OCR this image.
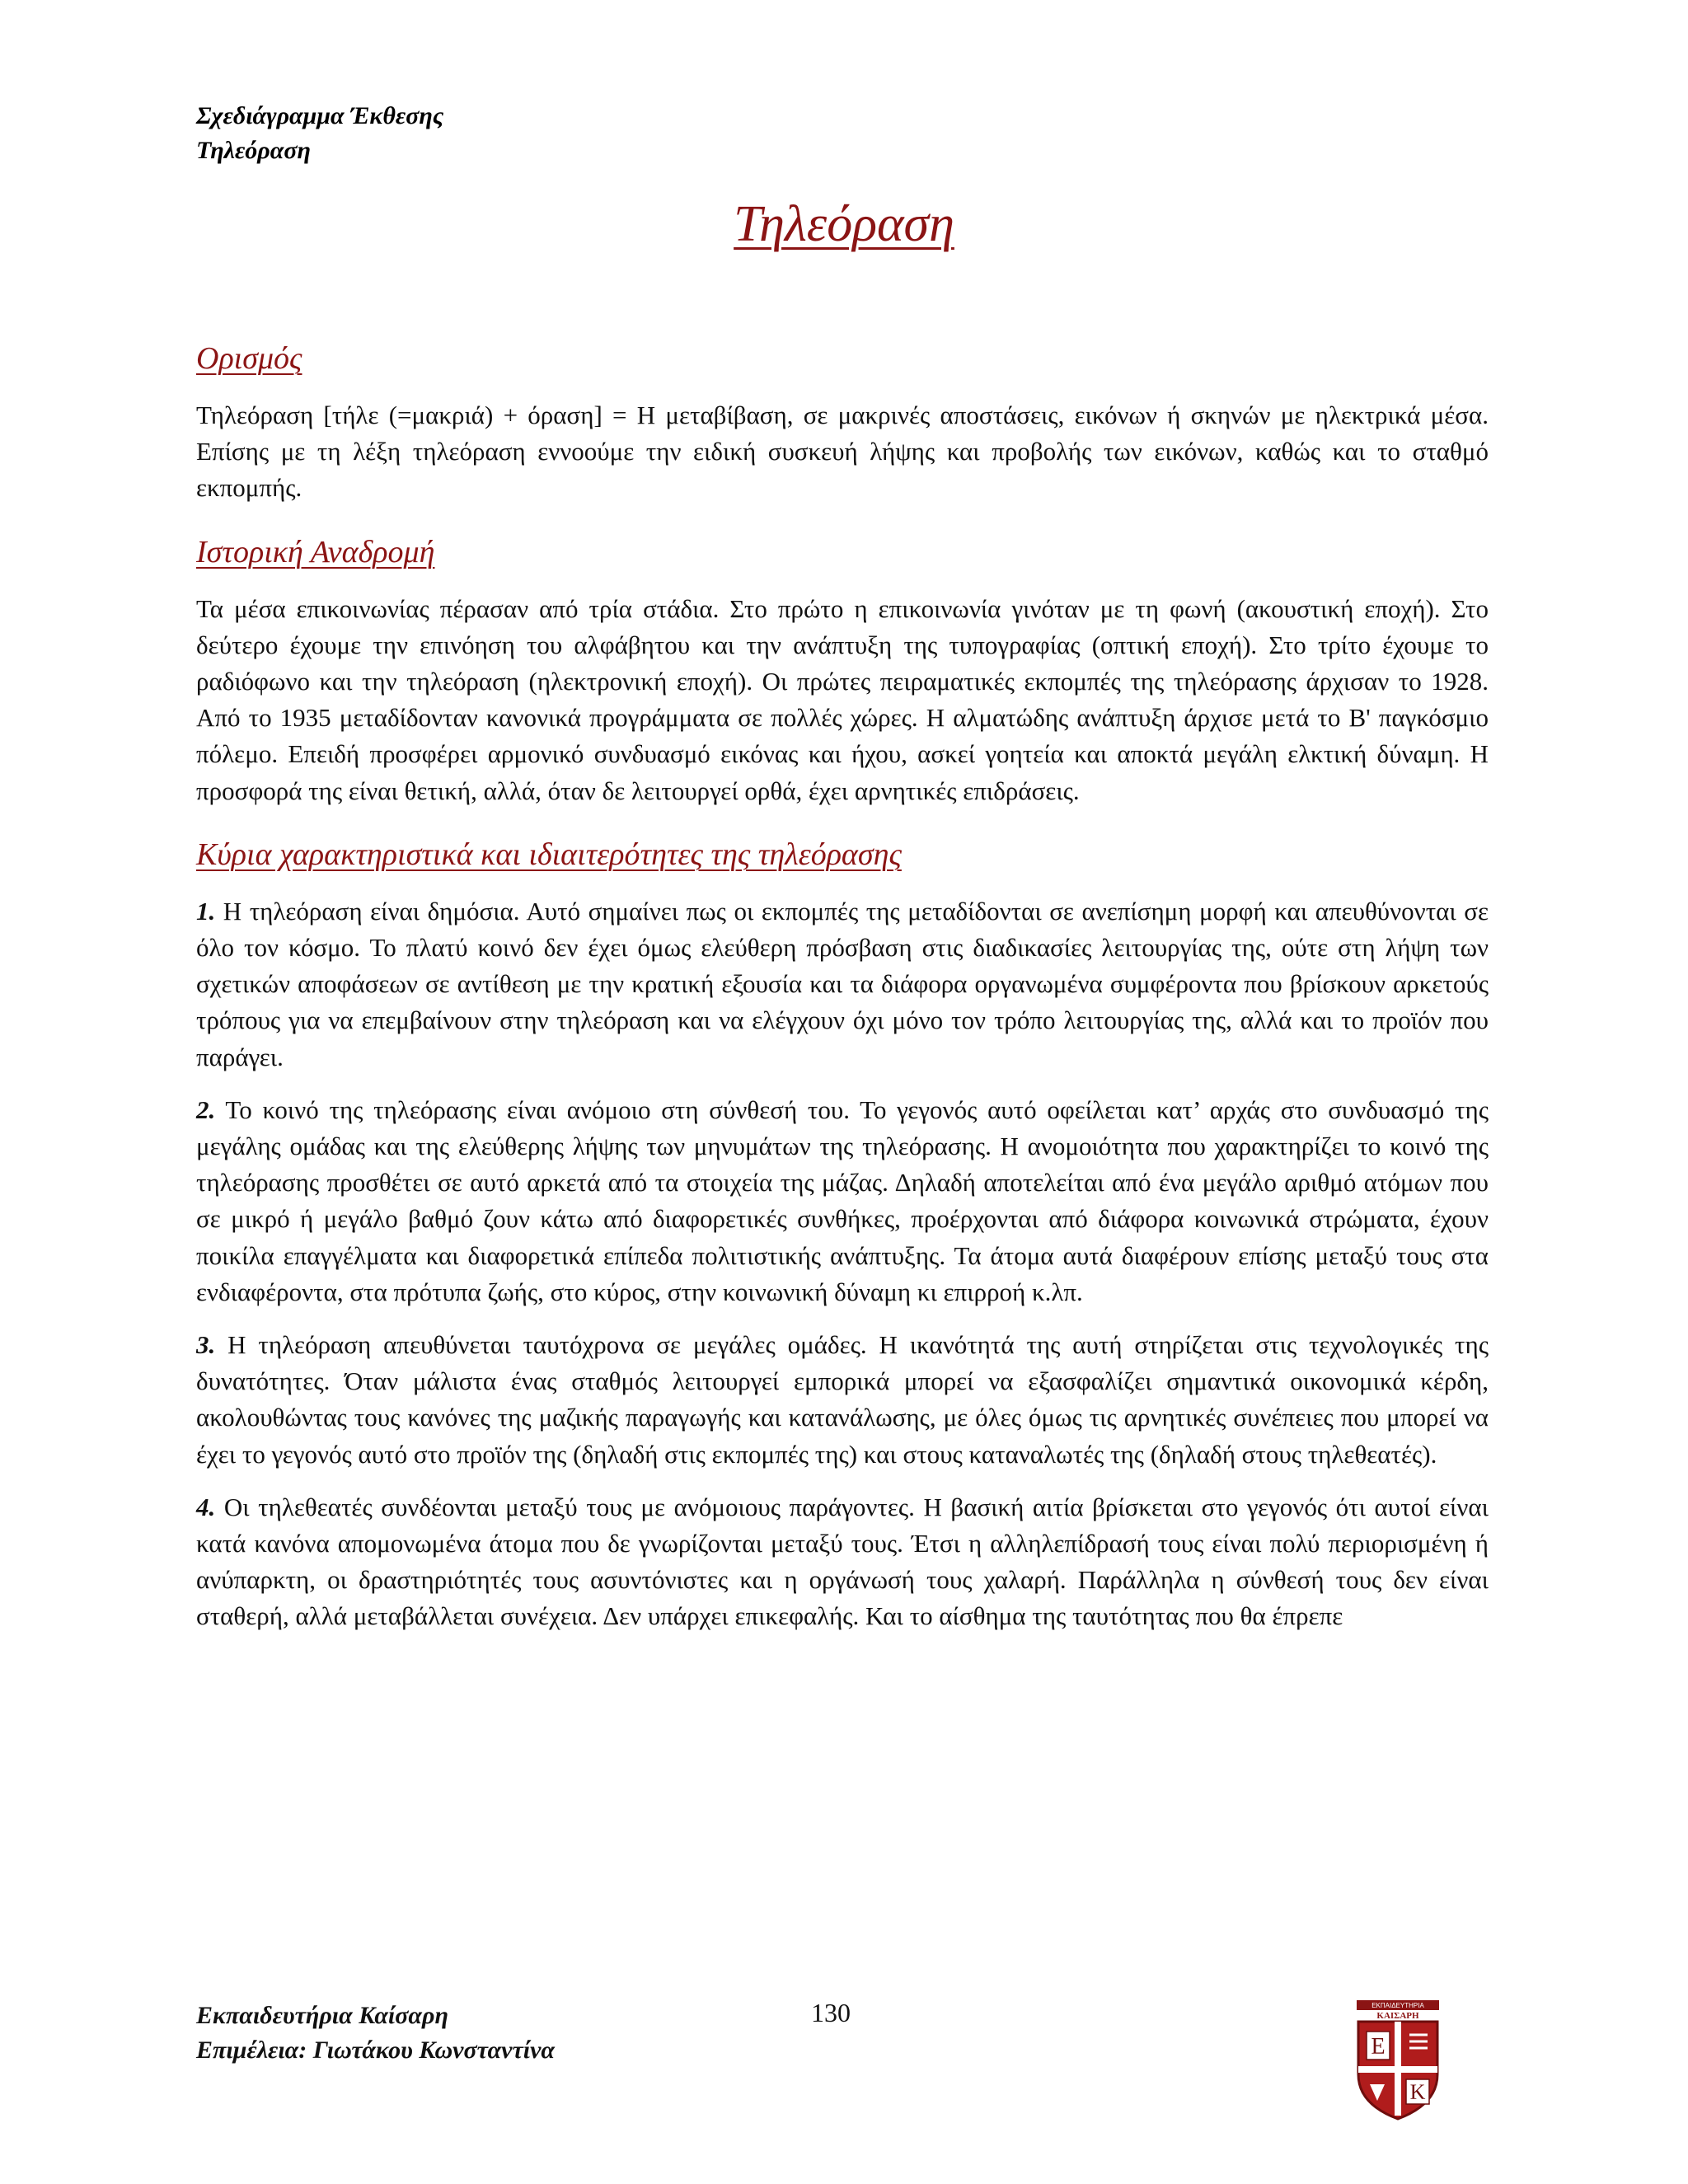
Σχεδιάγραμμα Έκθεσης
Τηλεόραση
Τηλεόραση
Ορισμός

Τηλεόραση [τήλε (=μακριά) + όραση] = Η μεταβίβαση, σε μακρινές αποστάσεις, εικόνων ή σκηνών με ηλεκτρικά μέσα. Επίσης με τη λέξη τηλεόραση εννοούμε την ειδική συσκευή λήψης και προβολής των εικόνων, καθώς και το σταθμό εκπομπής.

Ιστορική Αναδρομή

Τα μέσα επικοινωνίας πέρασαν από τρία στάδια. Στο πρώτο η επικοινωνία γινόταν με τη φωνή (ακουστική εποχή). Στο δεύτερο έχουμε την επινόηση του αλφάβητου και την ανάπτυξη της τυπογραφίας (οπτική εποχή). Στο τρίτο έχουμε το ραδιόφωνο και την τηλεόραση (ηλεκτρονική εποχή). Οι πρώτες πειραματικές εκπομπές της τηλεόρασης άρχισαν το 1928. Από το 1935 μεταδίδονταν κανονικά προγράμματα σε πολλές χώρες. Η αλματώδης ανάπτυξη άρχισε μετά το Β' παγκόσμιο πόλεμο. Επειδή προσφέρει αρμονικό συνδυασμό εικόνας και ήχου, ασκεί γοητεία και αποκτά μεγάλη ελκτική δύναμη. Η προσφορά της είναι θετική, αλλά, όταν δε λειτουργεί ορθά, έχει αρνητικές επιδράσεις.

Κύρια χαρακτηριστικά και ιδιαιτερότητες της τηλεόρασης

1. Η τηλεόραση είναι δημόσια. Αυτό σημαίνει πως οι εκπομπές της μεταδίδονται σε ανεπίσημη μορφή και απευθύνονται σε όλο τον κόσμο. Το πλατύ κοινό δεν έχει όμως ελεύθερη πρόσβαση στις διαδικασίες λειτουργίας της, ούτε στη λήψη των σχετικών αποφάσεων σε αντίθεση με την κρατική εξουσία και τα διάφορα οργανωμένα συμφέροντα που βρίσκουν αρκετούς τρόπους για να επεμβαίνουν στην τηλεόραση και να ελέγχουν όχι μόνο τον τρόπο λειτουργίας της, αλλά και το προϊόν που παράγει.

2. Το κοινό της τηλεόρασης είναι ανόμοιο στη σύνθεσή του. Το γεγονός αυτό οφείλεται κατ’ αρχάς στο συνδυασμό της μεγάλης ομάδας και της ελεύθερης λήψης των μηνυμάτων της τηλεόρασης. Η ανομοιότητα που χαρακτηρίζει το κοινό της τηλεόρασης προσθέτει σε αυτό αρκετά από τα στοιχεία της μάζας. Δηλαδή αποτελείται από ένα μεγάλο αριθμό ατόμων που σε μικρό ή μεγάλο βαθμό ζουν κάτω από διαφορετικές συνθήκες, προέρχονται από διάφορα κοινωνικά στρώματα, έχουν ποικίλα επαγγέλματα και διαφορετικά επίπεδα πολιτιστικής ανάπτυξης. Τα άτομα αυτά διαφέρουν επίσης μεταξύ τους στα ενδιαφέροντα, στα πρότυπα ζωής, στο κύρος, στην κοινωνική δύναμη κι επιρροή κ.λπ.

3. Η τηλεόραση απευθύνεται ταυτόχρονα σε μεγάλες ομάδες. Η ικανότητά της αυτή στηρίζεται στις τεχνολογικές της δυνατότητες. Όταν μάλιστα ένας σταθμός λειτουργεί εμπορικά μπορεί να εξασφαλίζει σημαντικά οικονομικά κέρδη, ακολουθώντας τους κανόνες της μαζικής παραγωγής και κατανάλωσης, με όλες όμως τις αρνητικές συνέπειες που μπορεί να έχει το γεγονός αυτό στο προϊόν της (δηλαδή στις εκπομπές της) και στους καταναλωτές της (δηλαδή στους τηλεθεατές).

4. Οι τηλεθεατές συνδέονται μεταξύ τους με ανόμοιους παράγοντες. Η βασική αιτία βρίσκεται στο γεγονός ότι αυτοί είναι κατά κανόνα απομονωμένα άτομα που δε γνωρίζονται μεταξύ τους. Έτσι η αλληλεπίδρασή τους είναι πολύ περιορισμένη ή ανύπαρκτη, οι δραστηριότητές τους ασυντόνιστες και η οργάνωσή τους χαλαρή. Παράλληλα η σύνθεσή τους δεν είναι σταθερή, αλλά μεταβάλλεται συνέχεια. Δεν υπάρχει επικεφαλής. Και το αίσθημα της ταυτότητας που θα έπρεπε

Εκπαιδευτήρια Καίσαρη
Επιμέλεια: Γιωτάκου Κωνσταντίνα
130	ΕΚΠΑΙΔΕΥΤΗΡΙΑ
ΚΑΙΣΑΡΗ
Ε
Κ
